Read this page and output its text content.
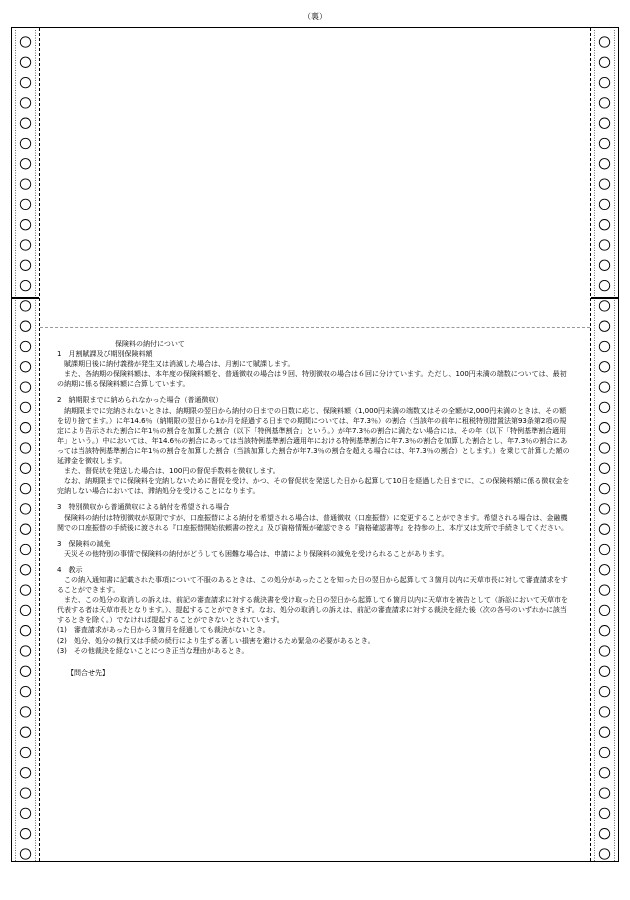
（裏）

保険料の納付について

1　月割賦課及び期別保険料額

賦課期日後に納付義務が発生又は消滅した場合は、月割にて賦課します。

また、各納期の保険料額は、本年度の保険料額を、普通徴収の場合は９回、特別徴収の場合は６回に分けています。ただし、100円未満の端数については、最初の納期に係る保険料額に合算しています。

2　納期限までに納められなかった場合（普通徴収）

納期限までに完納されないときは、納期限の翌日から納付の日までの日数に応じ、保険料額（1,000円未満の端数又はその全額が2,000円未満のときは、その額を切り捨てます。）に年14.6％（納期限の翌日から1か月を経過する日までの期間については、年7.3％）の割合（当該年の前年に租税特別措置法第93条第2項の規定により告示された割合に年1％の割合を加算した割合（以下「特例基準割合」という。）が年7.3％の割合に満たない場合には、その年（以下「特例基準割合適用年」という。）中においては、年14.6％の割合にあっては当該特例基準割合適用年における特例基準割合に年7.3％の割合を加算した割合とし、年7.3％の割合にあっては当該特例基準割合に年1％の割合を加算した割合（当該加算した割合が年7.3％の割合を超える場合には、年7.3％の割合）とします。）を乗じて計算した額の延滞金を徴収します。

また、督促状を発送した場合は、100円の督促手数料を徴収します。

なお、納期限までに保険料を完納しないために督促を受け、かつ、その督促状を発送した日から起算して10日を経過した日までに、この保険料額に係る徴収金を完納しない場合においては、滞納処分を受けることになります。

3　特別徴収から普通徴収による納付を希望される場合

保険料の納付は特別徴収が原則ですが、口座振替による納付を希望される場合は、普通徴収（口座振替）に変更することができます。希望される場合は、金融機関での口座振替の手続後に渡される『口座振替開始依頼書の控え』及び資格情報が確認できる『資格確認書等』を持参の上、本庁又は支所で手続きしてください。

3　保険料の減免

天災その他特別の事情で保険料の納付がどうしても困難な場合は、申請により保険料の減免を受けられることがあります。

4　教示

この納入通知書に記載された事項について不服のあるときは、この処分があったことを知った日の翌日から起算して３箇月以内に天草市長に対して審査請求をすることができます。

また、この処分の取消しの訴えは、前記の審査請求に対する裁決書を受け取った日の翌日から起算して６箇月以内に天草市を被告として（訴訟において天草市を代表する者は天草市長となります。）、提起することができます。なお、処分の取消しの訴えは、前記の審査請求に対する裁決を経た後（次の各号のいずれかに該当するときを除く。）でなければ提起することができないとされています。

(1)　審査請求があった日から３箇月を経過しても裁決がないとき。

(2)　処分、処分の執行又は手続の続行により生ずる著しい損害を避けるため緊急の必要があるとき。

(3)　その他裁決を経ないことにつき正当な理由があるとき。

【問合せ先】
